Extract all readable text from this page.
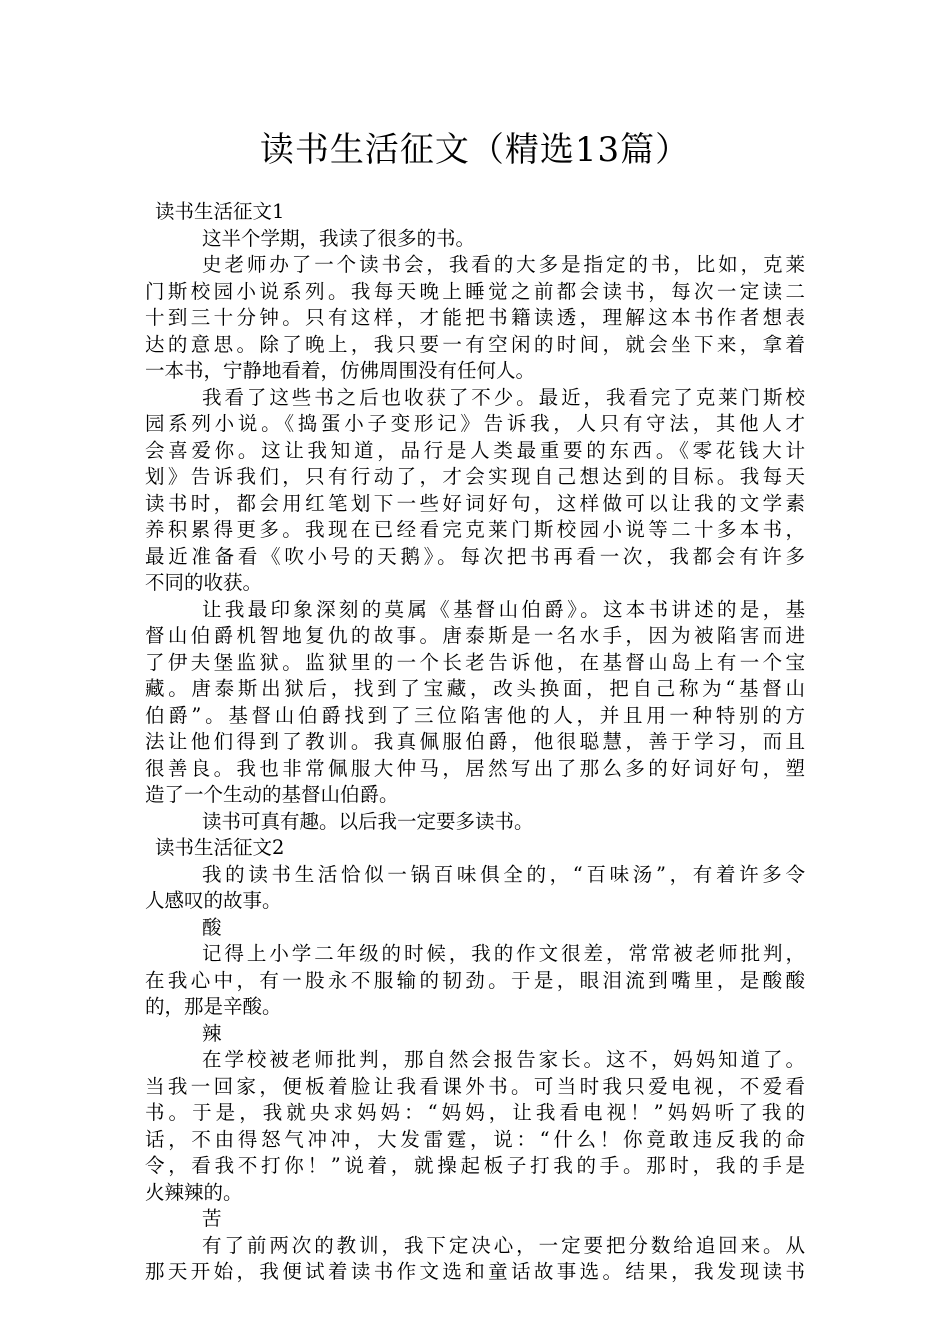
读书生活征文（精选13篇）
读书生活征文1
这半个学期，我读了很多的书。
史老师办了一个读书会，我看的大多是指定的书，比如，克莱
门斯校园小说系列。我每天晚上睡觉之前都会读书，每次一定读二
十到三十分钟。只有这样，才能把书籍读透，理解这本书作者想表
达的意思。除了晚上，我只要一有空闲的时间，就会坐下来，拿着
一本书，宁静地看着，仿佛周围没有任何人。
我看了这些书之后也收获了不少。最近，我看完了克莱门斯校
园系列小说。《捣蛋小子变形记》告诉我，人只有守法，其他人才
会喜爱你。这让我知道，品行是人类最重要的东西。《零花钱大计
划》告诉我们，只有行动了，才会实现自己想达到的目标。我每天
读书时，都会用红笔划下一些好词好句，这样做可以让我的文学素
养积累得更多。我现在已经看完克莱门斯校园小说等二十多本书，
最近准备看《吹小号的天鹅》。每次把书再看一次，我都会有许多
不同的收获。
让我最印象深刻的莫属《基督山伯爵》。这本书讲述的是，基
督山伯爵机智地复仇的故事。唐泰斯是一名水手，因为被陷害而进
了伊夫堡监狱。监狱里的一个长老告诉他，在基督山岛上有一个宝
藏。唐泰斯出狱后，找到了宝藏，改头换面，把自己称为“基督山
伯爵”。基督山伯爵找到了三位陷害他的人，并且用一种特别的方
法让他们得到了教训。我真佩服伯爵，他很聪慧，善于学习，而且
很善良。我也非常佩服大仲马，居然写出了那么多的好词好句，塑
造了一个生动的基督山伯爵。
读书可真有趣。以后我一定要多读书。
读书生活征文2
我的读书生活恰似一锅百味俱全的，“百味汤”，有着许多令
人感叹的故事。
酸
记得上小学二年级的时候，我的作文很差，常常被老师批判，
在我心中，有一股永不服输的韧劲。于是，眼泪流到嘴里，是酸酸
的，那是辛酸。
辣
在学校被老师批判，那自然会报告家长。这不，妈妈知道了。
当我一回家，便板着脸让我看课外书。可当时我只爱电视，不爱看
书。于是，我就央求妈妈：“妈妈，让我看电视！”妈妈听了我的
话，不由得怒气冲冲，大发雷霆，说：“什么！你竟敢违反我的命
令，看我不打你！”说着，就操起板子打我的手。那时，我的手是
火辣辣的。
苦
有了前两次的教训，我下定决心，一定要把分数给追回来。从
那天开始，我便试着读书作文选和童话故事选。结果，我发现读书
